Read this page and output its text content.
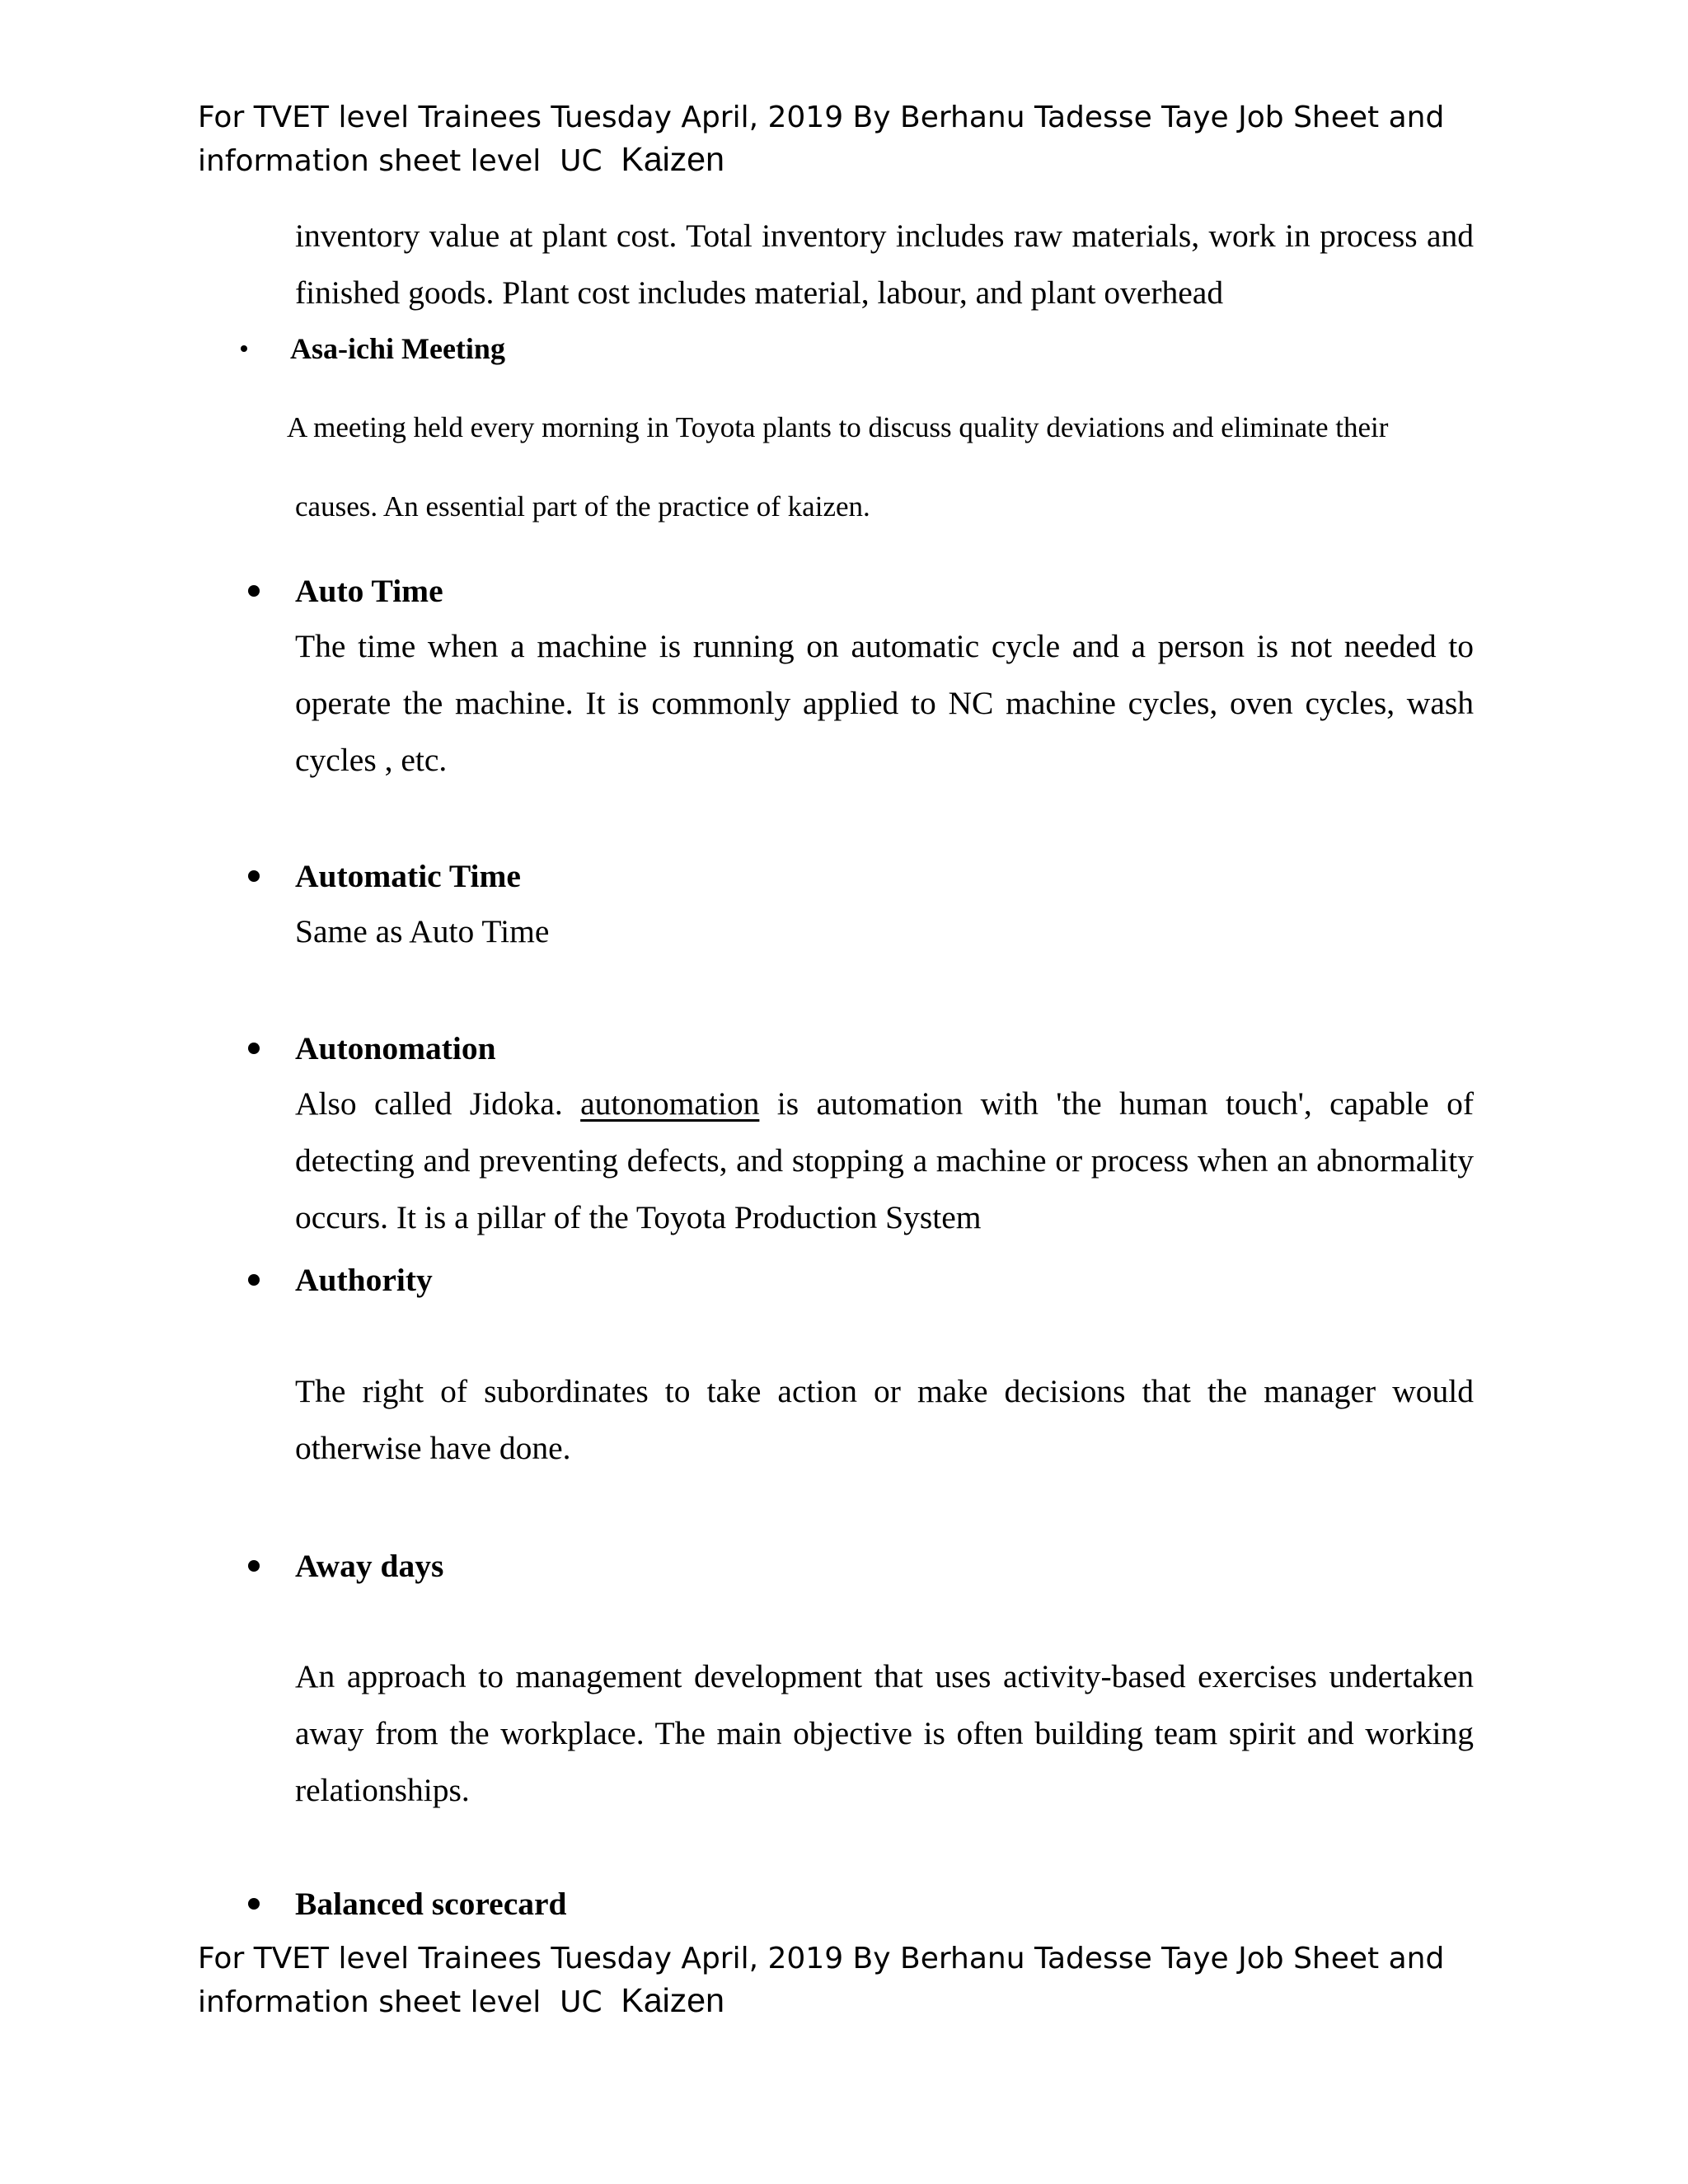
For TVET level Trainees Tuesday April, 2019 By Berhanu Tadesse Taye Job Sheet and
information sheet level  UC  Kaizen

inventory value at plant cost. Total inventory includes raw materials, work in process and finished goods. Plant cost includes material, labour, and plant overhead

Asa-ichi Meeting

A meeting held every morning in Toyota plants to discuss quality deviations and eliminate their

causes. An essential part of the practice of kaizen.

Auto Time

The time when a machine is running on automatic cycle and a person is not needed to operate the machine. It is commonly applied to NC machine cycles, oven cycles, wash cycles , etc.

Automatic Time

Same as Auto Time

Autonomation

Also called Jidoka. autonomation is automation with 'the human touch', capable of detecting and preventing defects, and stopping a machine or process when an abnormality occurs. It is a pillar of the Toyota Production System

Authority

The right of subordinates to take action or make decisions that the manager would otherwise have done.

Away days

An approach to management development that uses activity-based exercises undertaken away from the workplace. The main objective is often building team spirit and working relationships.

Balanced scorecard

For TVET level Trainees Tuesday April, 2019 By Berhanu Tadesse Taye Job Sheet and
information sheet level  UC  Kaizen
